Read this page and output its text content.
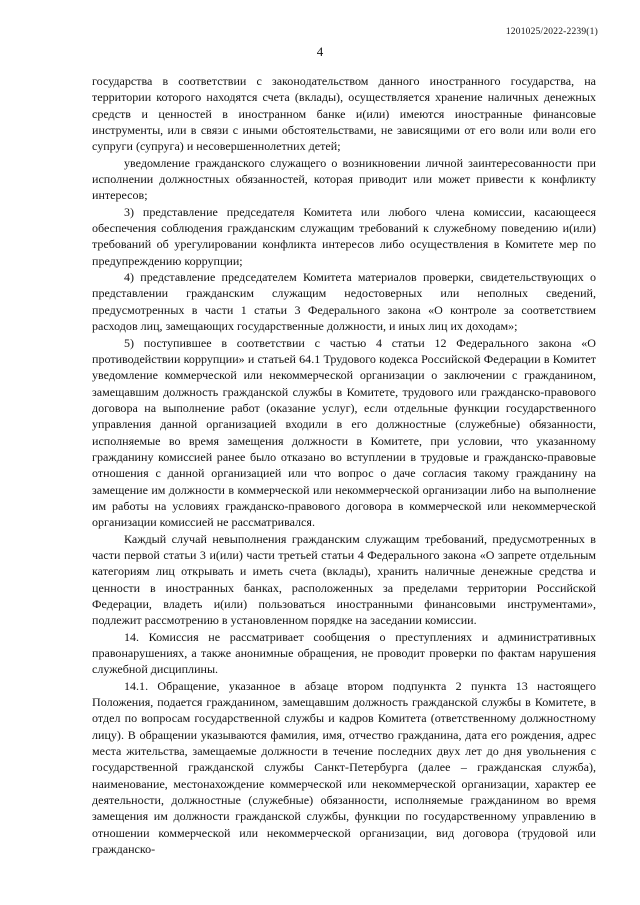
1201025/2022-2239(1)
4

государства в соответствии с законодательством данного иностранного государства, на территории которого находятся счета (вклады), осуществляется хранение наличных денежных средств и ценностей в иностранном банке и(или) имеются иностранные финансовые инструменты, или в связи с иными обстоятельствами, не зависящими от его воли или воли его супруги (супруга) и несовершеннолетних детей;

уведомление гражданского служащего о возникновении личной заинтересованности при исполнении должностных обязанностей, которая приводит или может привести к конфликту интересов;

3) представление председателя Комитета или любого члена комиссии, касающееся обеспечения соблюдения гражданским служащим требований к служебному поведению и(или) требований об урегулировании конфликта интересов либо осуществления в Комитете мер по предупреждению коррупции;

4) представление председателем Комитета материалов проверки, свидетельствующих о представлении гражданским служащим недостоверных или неполных сведений, предусмотренных в части 1 статьи 3 Федерального закона «О контроле за соответствием расходов лиц, замещающих государственные должности, и иных лиц их доходам»;

5) поступившее в соответствии с частью 4 статьи 12 Федерального закона «О противодействии коррупции» и статьей 64.1 Трудового кодекса Российской Федерации в Комитет уведомление коммерческой или некоммерческой организации о заключении с гражданином, замещавшим должность гражданской службы в Комитете, трудового или гражданско-правового договора на выполнение работ (оказание услуг), если отдельные функции государственного управления данной организацией входили в его должностные (служебные) обязанности, исполняемые во время замещения должности в Комитете, при условии, что указанному гражданину комиссией ранее было отказано во вступлении в трудовые и гражданско-правовые отношения с данной организацией или что вопрос о даче согласия такому гражданину на замещение им должности в коммерческой или некоммерческой организации либо на выполнение им работы на условиях гражданско-правового договора в коммерческой или некоммерческой организации комиссией не рассматривался.

Каждый случай невыполнения гражданским служащим требований, предусмотренных в части первой статьи 3 и(или) части третьей статьи 4 Федерального закона «О запрете отдельным категориям лиц открывать и иметь счета (вклады), хранить наличные денежные средства и ценности в иностранных банках, расположенных за пределами территории Российской Федерации, владеть и(или) пользоваться иностранными финансовыми инструментами», подлежит рассмотрению в установленном порядке на заседании комиссии.

14. Комиссия не рассматривает сообщения о преступлениях и административных правонарушениях, а также анонимные обращения, не проводит проверки по фактам нарушения служебной дисциплины.

14.1. Обращение, указанное в абзаце втором подпункта 2 пункта 13 настоящего Положения, подается гражданином, замещавшим должность гражданской службы в Комитете, в отдел по вопросам государственной службы и кадров Комитета (ответственному должностному лицу). В обращении указываются фамилия, имя, отчество гражданина, дата его рождения, адрес места жительства, замещаемые должности в течение последних двух лет до дня увольнения с государственной гражданской службы Санкт-Петербурга (далее – гражданская служба), наименование, местонахождение коммерческой или некоммерческой организации, характер ее деятельности, должностные (служебные) обязанности, исполняемые гражданином во время замещения им должности гражданской службы, функции по государственному управлению в отношении коммерческой или некоммерческой организации, вид договора (трудовой или гражданско-
